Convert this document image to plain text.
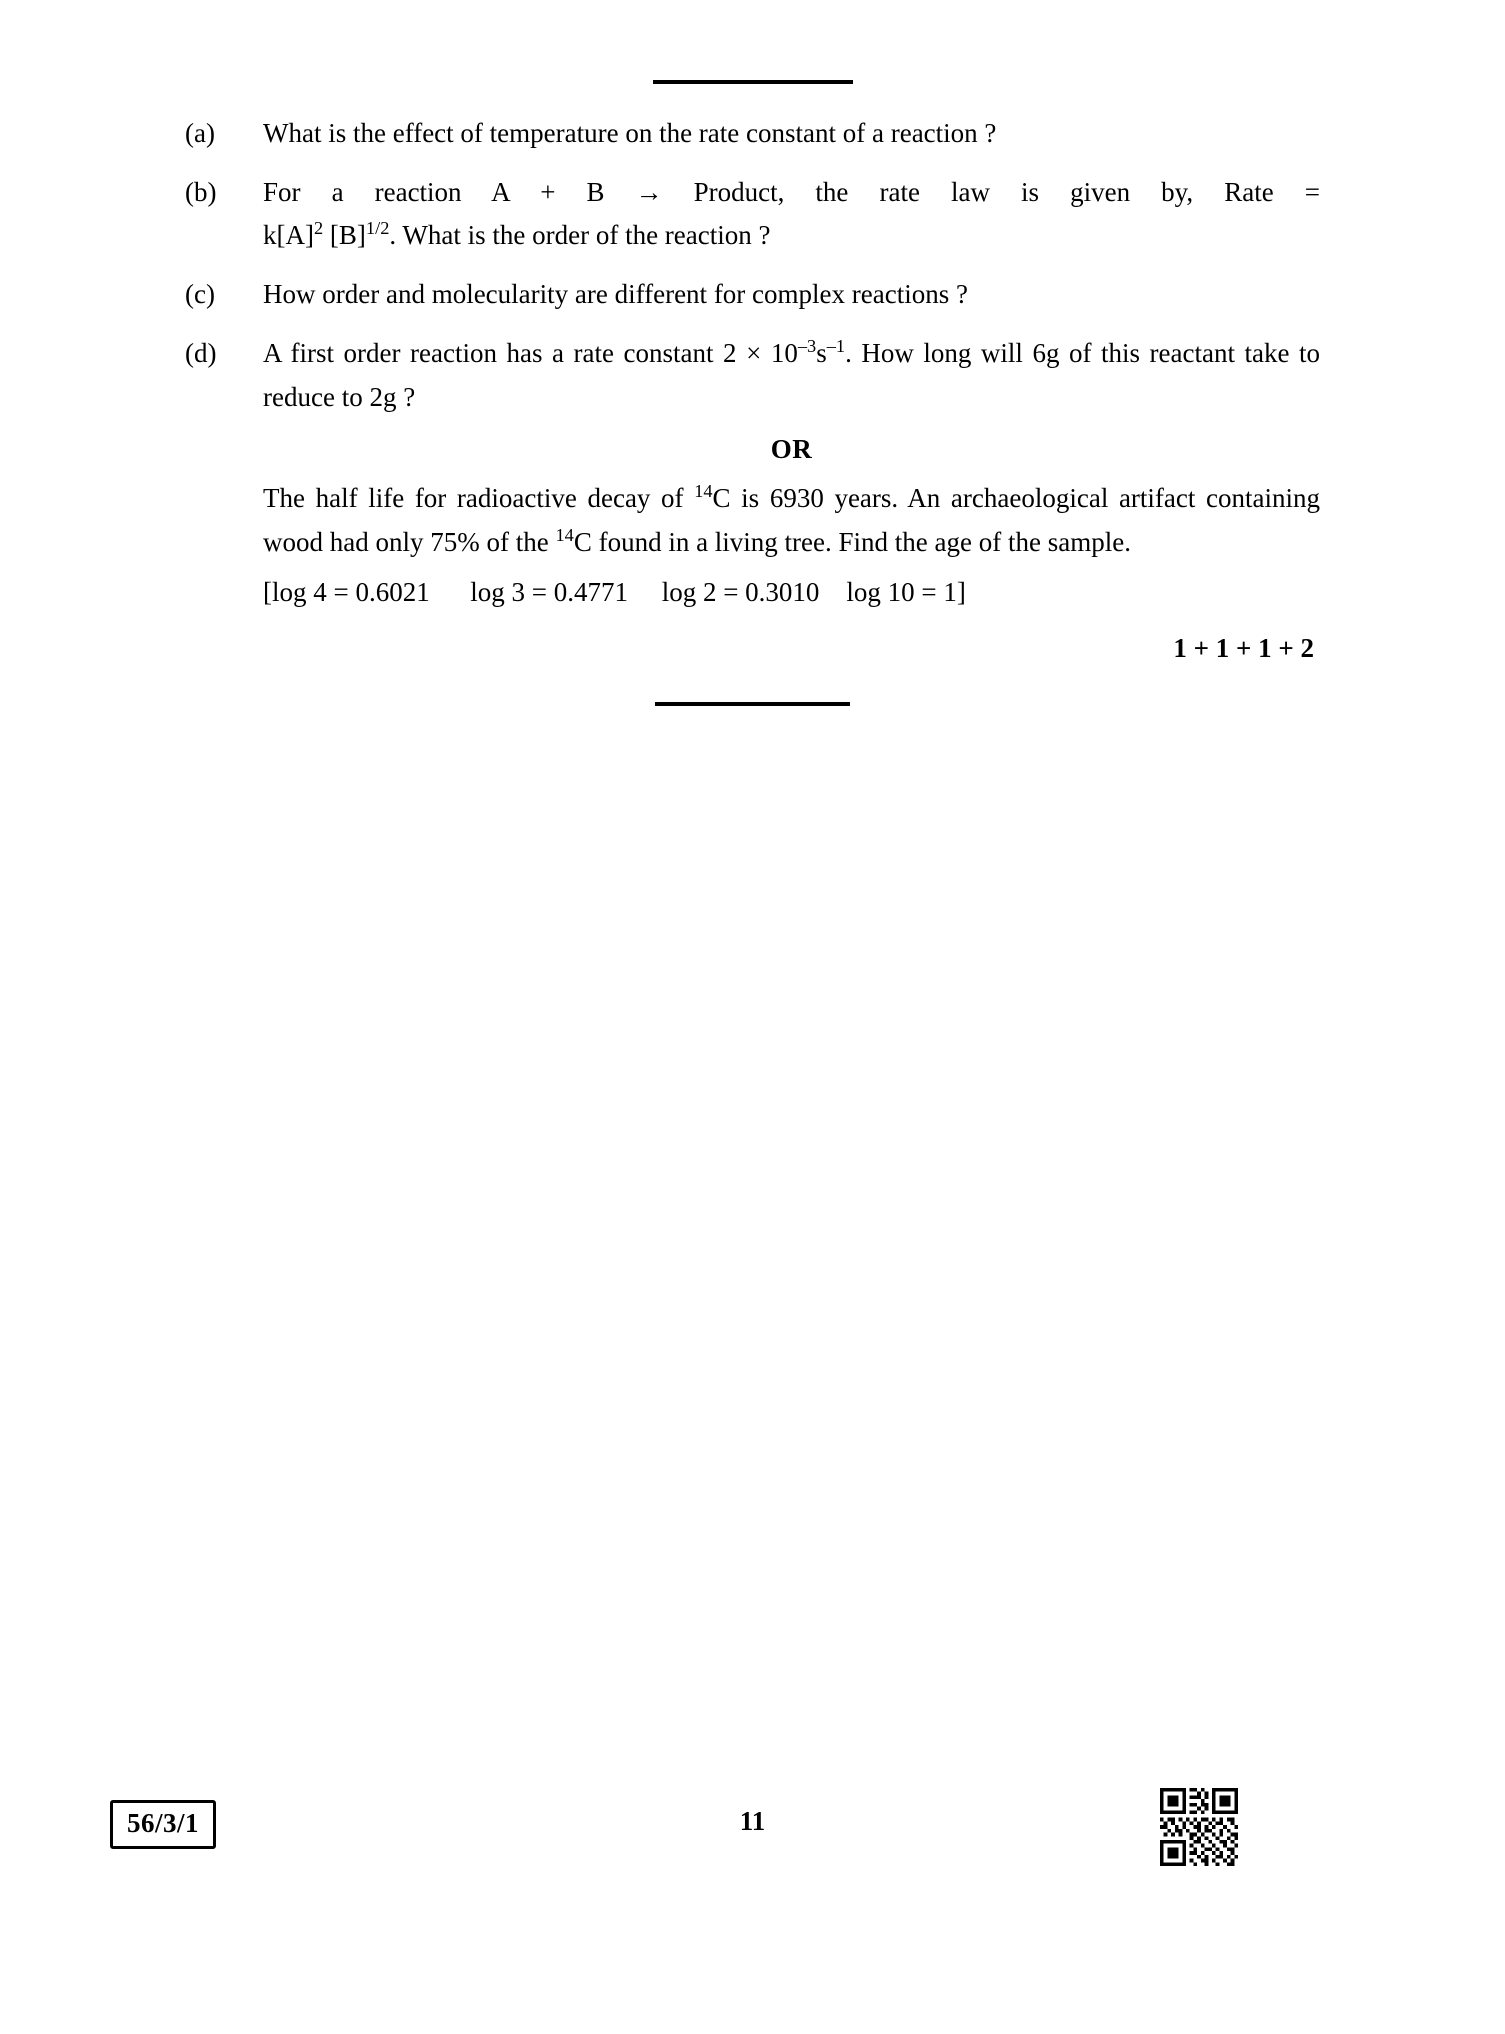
(a)	What is the effect of temperature on the rate constant of a reaction ?
(b)	For a reaction A + B → Product, the rate law is given by, Rate =
$k[A]^2$ $[B]^{1/2}$. What is the order of the reaction ?
(c)	How order and molecularity are different for complex reactions ?
(d)	A first order reaction has a rate constant $2 \times 10^{-3}s^{-1}$. How long will 6g of this reactant take to reduce to 2g ?
OR
The half life for radioactive decay of $^{14}$C is 6930 years. An archaeological artifact containing wood had only 75% of the $^{14}$C found in a living tree. Find the age of the sample.
[log 4 = 0.6021      log 3 = 0.4771     log 2 = 0.3010    log 10 = 1]
1 + 1 + 1 + 2
56/3/1	11
